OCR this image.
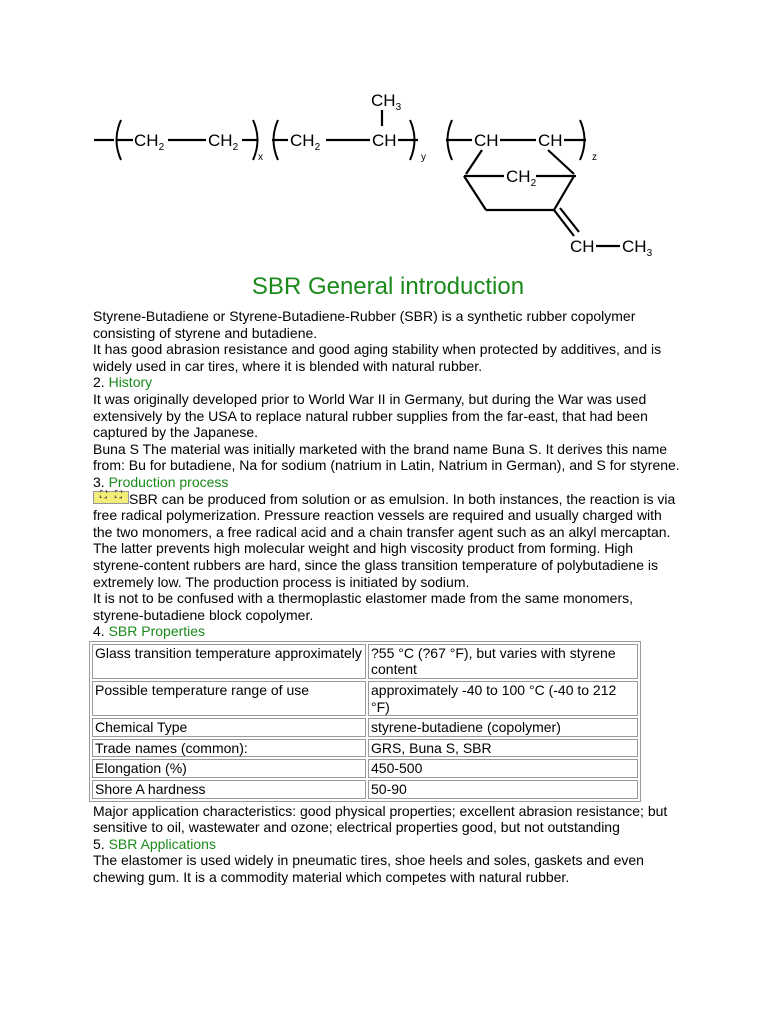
$CH_2$	$CH_2$
x
$CH_2$	CH
$CH_3$
y
CH CH
z
$CH_2$
CH $CH_3$
SBR General introduction

Styrene-Butadiene or Styrene-Butadiene-Rubber (SBR) is a synthetic rubber copolymer consisting of styrene and butadiene.

It has good abrasion resistance and good aging stability when protected by additives, and is widely used in car tires, where it is blended with natural rubber.

2. History

It was originally developed prior to World War II in Germany, but during the War was used extensively by the USA to replace natural rubber supplies from the far-east, that had been captured by the Japanese.

Buna S The material was initially marketed with the brand name Buna S. It derives this name from: Bu for butadiene, Na for sodium (natrium in Latin, Natrium in German), and S for styrene.

3. Production process

⛶ ⛶ SBR can be produced from solution or as emulsion. In both instances, the reaction is via free radical polymerization. Pressure reaction vessels are required and usually charged with the two monomers, a free radical acid and a chain transfer agent such as an alkyl mercaptan. The latter prevents high molecular weight and high viscosity product from forming. High styrene-content rubbers are hard, since the glass transition temperature of polybutadiene is extremely low. The production process is initiated by sodium.

It is not to be confused with a thermoplastic elastomer made from the same monomers, styrene-butadiene block copolymer.

4. SBR Properties

Glass transition temperature approximately	?55 °C (?67 °F), but varies with styrene content
Possible temperature range of use	approximately -40 to 100 °C (-40 to 212 °F)
Chemical Type	styrene-butadiene (copolymer)
Trade names (common):	GRS, Buna S, SBR
Elongation (%)	450-500
Shore A hardness	50-90

Major application characteristics: good physical properties; excellent abrasion resistance; but sensitive to oil, wastewater and ozone; electrical properties good, but not outstanding

5. SBR Applications

The elastomer is used widely in pneumatic tires, shoe heels and soles, gaskets and even chewing gum. It is a commodity material which competes with natural rubber.
